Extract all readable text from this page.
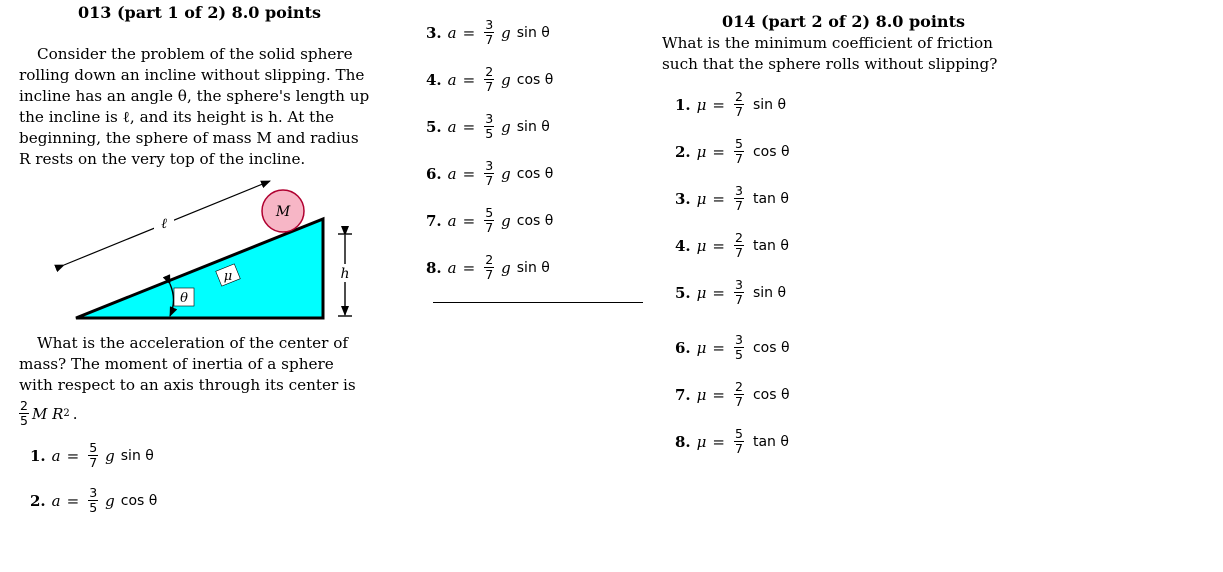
013 (part 1 of 2) 8.0 points
Consider the problem of the solid sphere
rolling down an incline without slipping. The
incline has an angle θ, the sphere's length up
the incline is ℓ, and its height is h. At the
beginning, the sphere of mass M and radius
R rests on the very top of the incline.
ℓ
M
μ
θ
h
What is the acceleration of the center of
mass? The moment of inertia of a sphere
with respect to an axis through its center is
$\frac{2}{5}$ M R 2 .
1. $a = \frac{5}{7}$ g sin θ
2. $a = \frac{3}{5}$ g cos θ
3. $a = \frac{3}{7}$ g sin θ
4. $a = \frac{2}{7}$ g cos θ
5. $a = \frac{3}{5}$ g sin θ
6. $a = \frac{3}{7}$ g cos θ
7. $a = \frac{5}{7}$ g cos θ
8. $a = \frac{2}{7}$ g sin θ
014 (part 2 of 2) 8.0 points
What is the minimum coefficient of friction
such that the sphere rolls without slipping?
1. $\mu = \frac{2}{7}$ sin θ
2. $\mu = \frac{5}{7}$ cos θ
3. $\mu = \frac{3}{7}$ tan θ
4. $\mu = \frac{2}{7}$ tan θ
5. $\mu = \frac{3}{7}$ sin θ
6. $\mu = \frac{3}{5}$ cos θ
7. $\mu = \frac{2}{7}$ cos θ
8. $\mu = \frac{5}{7}$ tan θ
